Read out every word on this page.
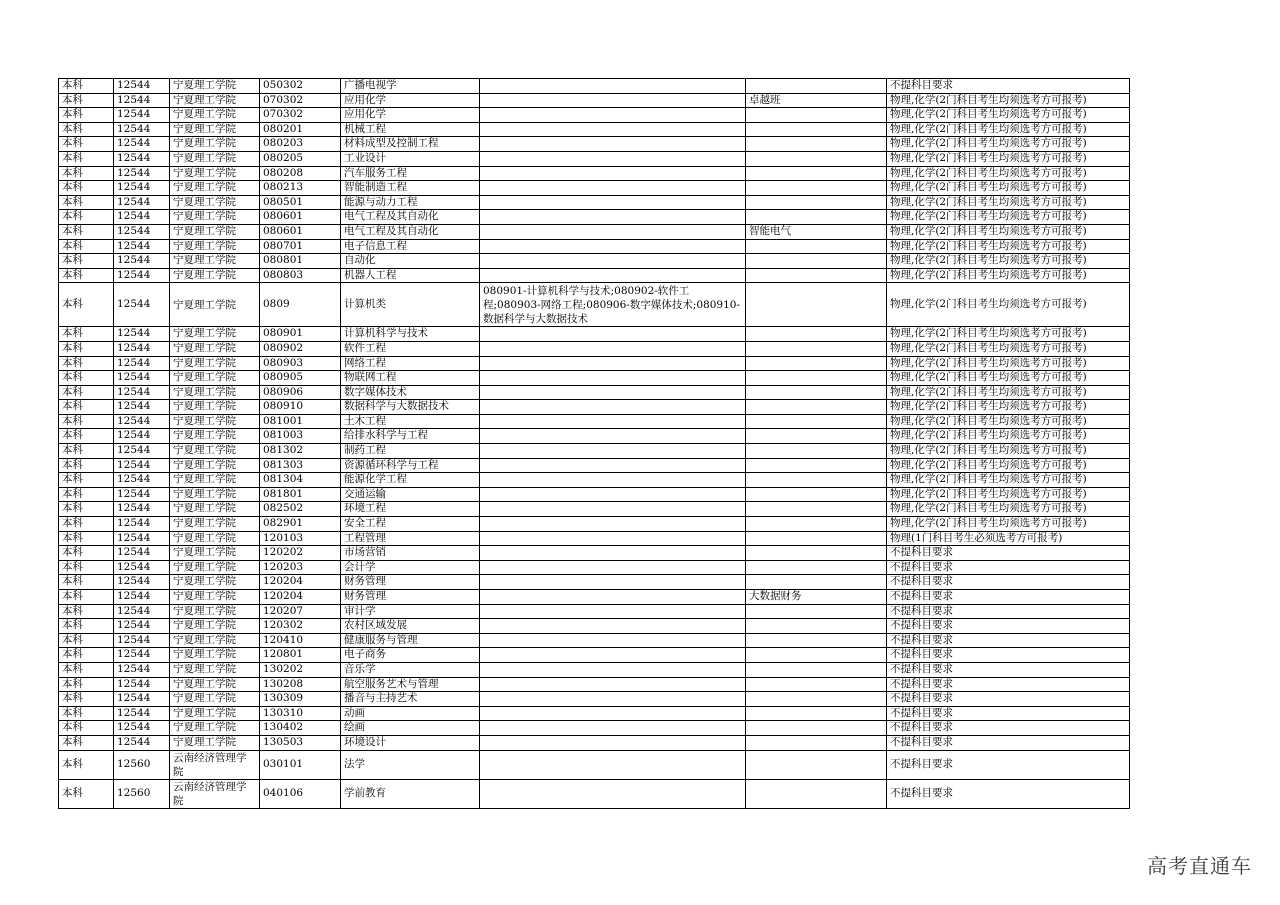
本科	12544	宁夏理工学院	050302	广播电视学			不提科目要求
本科	12544	宁夏理工学院	070302	应用化学		卓越班	物理,化学(2门科目考生均须选考方可报考)
本科	12544	宁夏理工学院	070302	应用化学			物理,化学(2门科目考生均须选考方可报考)
本科	12544	宁夏理工学院	080201	机械工程			物理,化学(2门科目考生均须选考方可报考)
本科	12544	宁夏理工学院	080203	材料成型及控制工程			物理,化学(2门科目考生均须选考方可报考)
本科	12544	宁夏理工学院	080205	工业设计			物理,化学(2门科目考生均须选考方可报考)
本科	12544	宁夏理工学院	080208	汽车服务工程			物理,化学(2门科目考生均须选考方可报考)
本科	12544	宁夏理工学院	080213	智能制造工程			物理,化学(2门科目考生均须选考方可报考)
本科	12544	宁夏理工学院	080501	能源与动力工程			物理,化学(2门科目考生均须选考方可报考)
本科	12544	宁夏理工学院	080601	电气工程及其自动化			物理,化学(2门科目考生均须选考方可报考)
本科	12544	宁夏理工学院	080601	电气工程及其自动化		智能电气	物理,化学(2门科目考生均须选考方可报考)
本科	12544	宁夏理工学院	080701	电子信息工程			物理,化学(2门科目考生均须选考方可报考)
本科	12544	宁夏理工学院	080801	自动化			物理,化学(2门科目考生均须选考方可报考)
本科	12544	宁夏理工学院	080803	机器人工程			物理,化学(2门科目考生均须选考方可报考)
本科	12544	宁夏理工学院	0809	计算机类	080901-计算机科学与技术;080902-软件工程;080903-网络工程;080906-数字媒体技术;080910-数据科学与大数据技术		物理,化学(2门科目考生均须选考方可报考)
本科	12544	宁夏理工学院	080901	计算机科学与技术			物理,化学(2门科目考生均须选考方可报考)
本科	12544	宁夏理工学院	080902	软件工程			物理,化学(2门科目考生均须选考方可报考)
本科	12544	宁夏理工学院	080903	网络工程			物理,化学(2门科目考生均须选考方可报考)
本科	12544	宁夏理工学院	080905	物联网工程			物理,化学(2门科目考生均须选考方可报考)
本科	12544	宁夏理工学院	080906	数字媒体技术			物理,化学(2门科目考生均须选考方可报考)
本科	12544	宁夏理工学院	080910	数据科学与大数据技术			物理,化学(2门科目考生均须选考方可报考)
本科	12544	宁夏理工学院	081001	土木工程			物理,化学(2门科目考生均须选考方可报考)
本科	12544	宁夏理工学院	081003	给排水科学与工程			物理,化学(2门科目考生均须选考方可报考)
本科	12544	宁夏理工学院	081302	制药工程			物理,化学(2门科目考生均须选考方可报考)
本科	12544	宁夏理工学院	081303	资源循环科学与工程			物理,化学(2门科目考生均须选考方可报考)
本科	12544	宁夏理工学院	081304	能源化学工程			物理,化学(2门科目考生均须选考方可报考)
本科	12544	宁夏理工学院	081801	交通运输			物理,化学(2门科目考生均须选考方可报考)
本科	12544	宁夏理工学院	082502	环境工程			物理,化学(2门科目考生均须选考方可报考)
本科	12544	宁夏理工学院	082901	安全工程			物理,化学(2门科目考生均须选考方可报考)
本科	12544	宁夏理工学院	120103	工程管理			物理(1门科目考生必须选考方可报考)
本科	12544	宁夏理工学院	120202	市场营销			不提科目要求
本科	12544	宁夏理工学院	120203	会计学			不提科目要求
本科	12544	宁夏理工学院	120204	财务管理			不提科目要求
本科	12544	宁夏理工学院	120204	财务管理		大数据财务	不提科目要求
本科	12544	宁夏理工学院	120207	审计学			不提科目要求
本科	12544	宁夏理工学院	120302	农村区域发展			不提科目要求
本科	12544	宁夏理工学院	120410	健康服务与管理			不提科目要求
本科	12544	宁夏理工学院	120801	电子商务			不提科目要求
本科	12544	宁夏理工学院	130202	音乐学			不提科目要求
本科	12544	宁夏理工学院	130208	航空服务艺术与管理			不提科目要求
本科	12544	宁夏理工学院	130309	播音与主持艺术			不提科目要求
本科	12544	宁夏理工学院	130310	动画			不提科目要求
本科	12544	宁夏理工学院	130402	绘画			不提科目要求
本科	12544	宁夏理工学院	130503	环境设计			不提科目要求
本科	12560	云南经济管理学院	030101	法学			不提科目要求
本科	12560	云南经济管理学院	040106	学前教育			不提科目要求
高考直通车
